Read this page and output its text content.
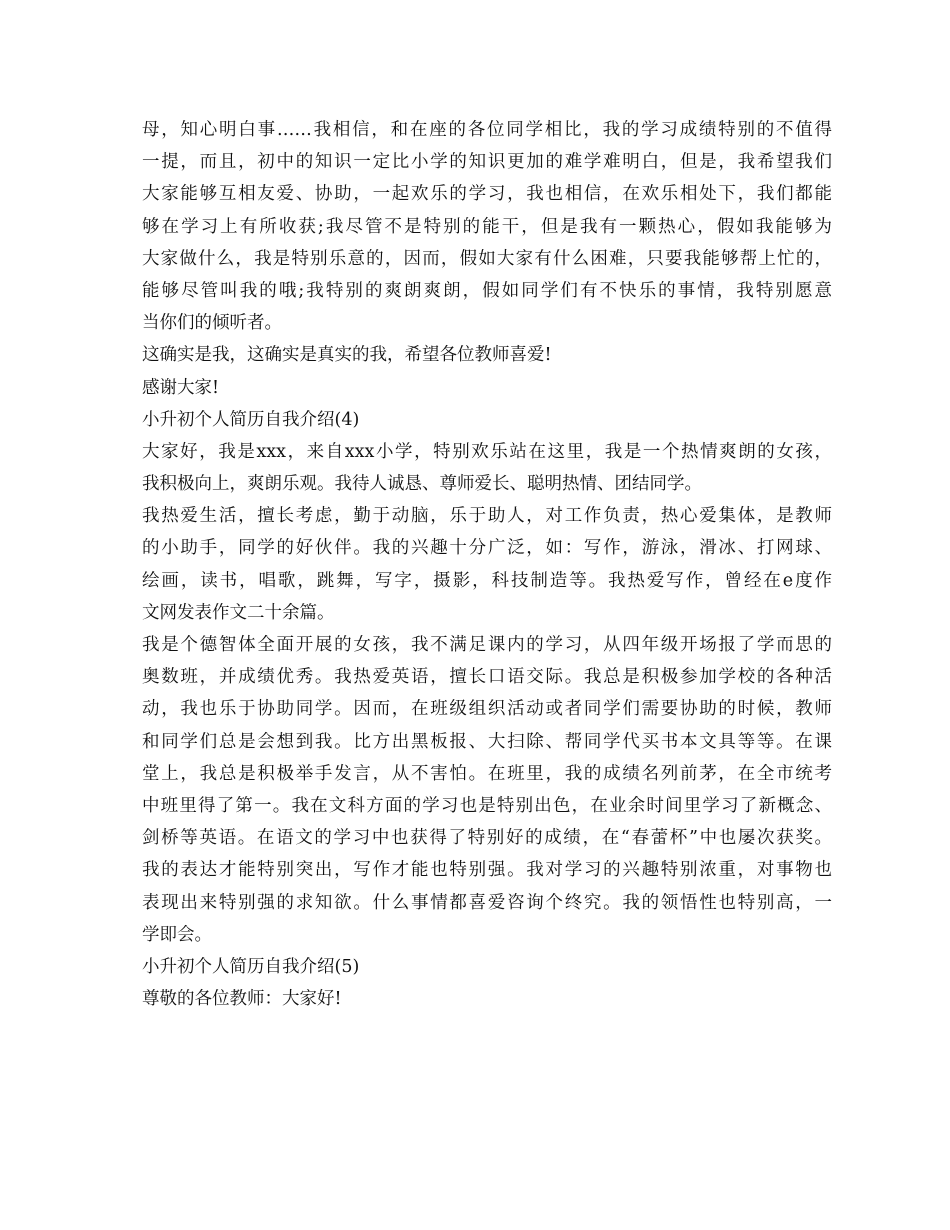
母，知心明白事……我相信，和在座的各位同学相比，我的学习成绩特别的不值得
一提，而且，初中的知识一定比小学的知识更加的难学难明白，但是，我希望我们
大家能够互相友爱、协助，一起欢乐的学习，我也相信，在欢乐相处下，我们都能
够在学习上有所收获;我尽管不是特别的能干，但是我有一颗热心，假如我能够为
大家做什么，我是特别乐意的，因而，假如大家有什么困难，只要我能够帮上忙的，
能够尽管叫我的哦;我特别的爽朗爽朗，假如同学们有不快乐的事情，我特别愿意
当你们的倾听者。
这确实是我，这确实是真实的我，希望各位教师喜爱!
感谢大家!
小升初个人简历自我介绍(4)
大家好，我是xxx，来自xxx小学，特别欢乐站在这里，我是一个热情爽朗的女孩，
我积极向上，爽朗乐观。我待人诚恳、尊师爱长、聪明热情、团结同学。
我热爱生活，擅长考虑，勤于动脑，乐于助人，对工作负责，热心爱集体，是教师
的小助手，同学的好伙伴。我的兴趣十分广泛，如：写作，游泳，滑冰、打网球、
绘画，读书，唱歌，跳舞，写字，摄影，科技制造等。我热爱写作，曾经在e度作
文网发表作文二十余篇。
我是个德智体全面开展的女孩，我不满足课内的学习，从四年级开场报了学而思的
奥数班，并成绩优秀。我热爱英语，擅长口语交际。我总是积极参加学校的各种活
动，我也乐于协助同学。因而，在班级组织活动或者同学们需要协助的时候，教师
和同学们总是会想到我。比方出黑板报、大扫除、帮同学代买书本文具等等。在课
堂上，我总是积极举手发言，从不害怕。在班里，我的成绩名列前茅，在全市统考
中班里得了第一。我在文科方面的学习也是特别出色，在业余时间里学习了新概念、
剑桥等英语。在语文的学习中也获得了特别好的成绩，在“春蕾杯”中也屡次获奖。
我的表达才能特别突出，写作才能也特别强。我对学习的兴趣特别浓重，对事物也
表现出来特别强的求知欲。什么事情都喜爱咨询个终究。我的领悟性也特别高，一
学即会。
小升初个人简历自我介绍(5)
尊敬的各位教师：大家好!
